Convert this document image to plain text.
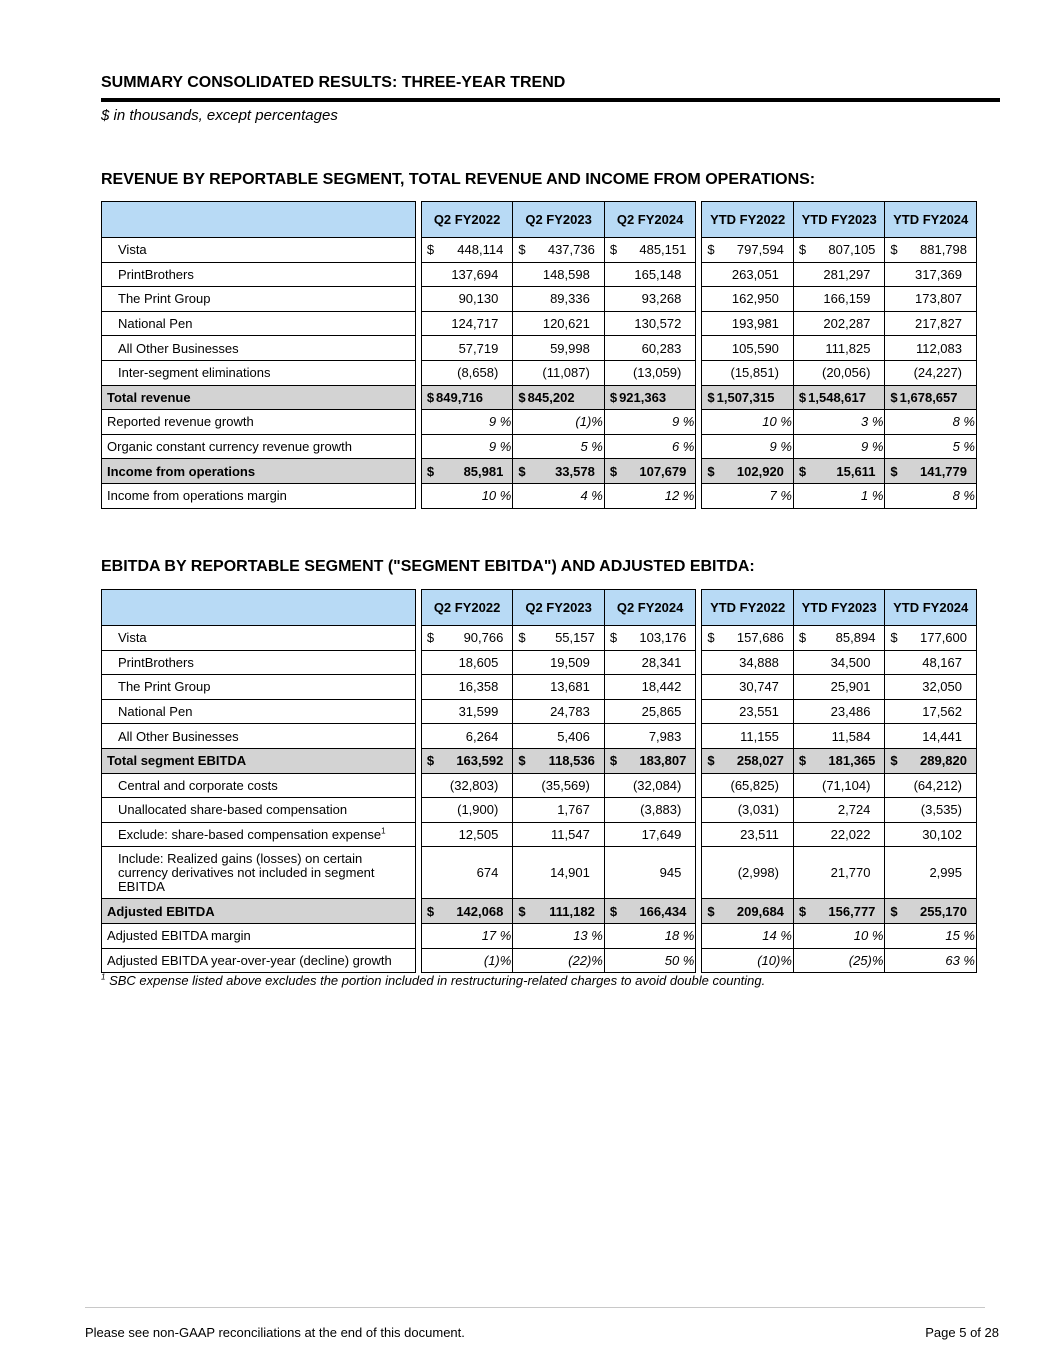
SUMMARY CONSOLIDATED RESULTS: THREE-YEAR TREND
$ in thousands, except percentages
REVENUE BY REPORTABLE SEGMENT, TOTAL REVENUE AND INCOME FROM OPERATIONS:
		Q2 FY2022	Q2 FY2023	Q2 FY2024		YTD FY2022	YTD FY2023	YTD FY2024
Vista		$ 448,114	$ 437,736	$ 485,151		$ 797,594	$ 807,105	$ 881,798

PrintBrothers		137,694	148,598	165,148		263,051	281,297	317,369
The Print Group		90,130	89,336	93,268		162,950	166,159	173,807
National Pen		124,717	120,621	130,572		193,981	202,287	217,827
All Other Businesses		57,719	59,998	60,283		105,590	111,825	112,083
Inter-segment eliminations		(8,658)	(11,087)	(13,059)		(15,851)	(20,056)	(24,227)
Total revenue		$ 849,716	$ 845,202	$ 921,363		$ 1,507,315	$ 1,548,617	$ 1,678,657
Reported revenue growth		9 %	(1)%	9 %		10 %	3 %	8 %
Organic constant currency revenue growth		9 %	5 %	6 %		9 %	9 %	5 %
Income from operations		$ 85,981	$ 33,578	$ 107,679		$ 102,920	$ 15,611	$ 141,779

Income from operations margin		10 %	4 %	12 %		7 %	1 %	8 %
EBITDA BY REPORTABLE SEGMENT ("SEGMENT EBITDA") AND ADJUSTED EBITDA:
		Q2 FY2022	Q2 FY2023	Q2 FY2024		YTD FY2022	YTD FY2023	YTD FY2024
Vista		$ 90,766	$ 55,157	$ 103,176		$ 157,686	$ 85,894	$ 177,600

PrintBrothers		18,605	19,509	28,341		34,888	34,500	48,167
The Print Group		16,358	13,681	18,442		30,747	25,901	32,050
National Pen		31,599	24,783	25,865		23,551	23,486	17,562
All Other Businesses		6,264	5,406	7,983		11,155	11,584	14,441
Total segment EBITDA		$ 163,592	$ 118,536	$ 183,807		$ 258,027	$ 181,365	$ 289,820

Central and corporate costs		(32,803)	(35,569)	(32,084)		(65,825)	(71,104)	(64,212)
Unallocated share-based compensation		(1,900)	1,767	(3,883)		(3,031)	2,724	(3,535)
Exclude: share-based compensation expense$^1$		12,505	11,547	17,649		23,511	22,022	30,102
Include: Realized gains (losses) on certain currency derivatives not included in segment EBITDA		674	14,901	945		(2,998)	21,770	2,995
Adjusted EBITDA		$ 142,068	$ 111,182	$ 166,434		$ 209,684	$ 156,777	$ 255,170

Adjusted EBITDA margin		17 %	13 %	18 %		14 %	10 %	15 %
Adjusted EBITDA year-over-year (decline) growth		(1)%	(22)%	50 %		(10)%	(25)%	63 %
$^1$ SBC expense listed above excludes the portion included in restructuring-related charges to avoid double counting.
Please see non-GAAP reconciliations at the end of this document.	Page 5 of 28
